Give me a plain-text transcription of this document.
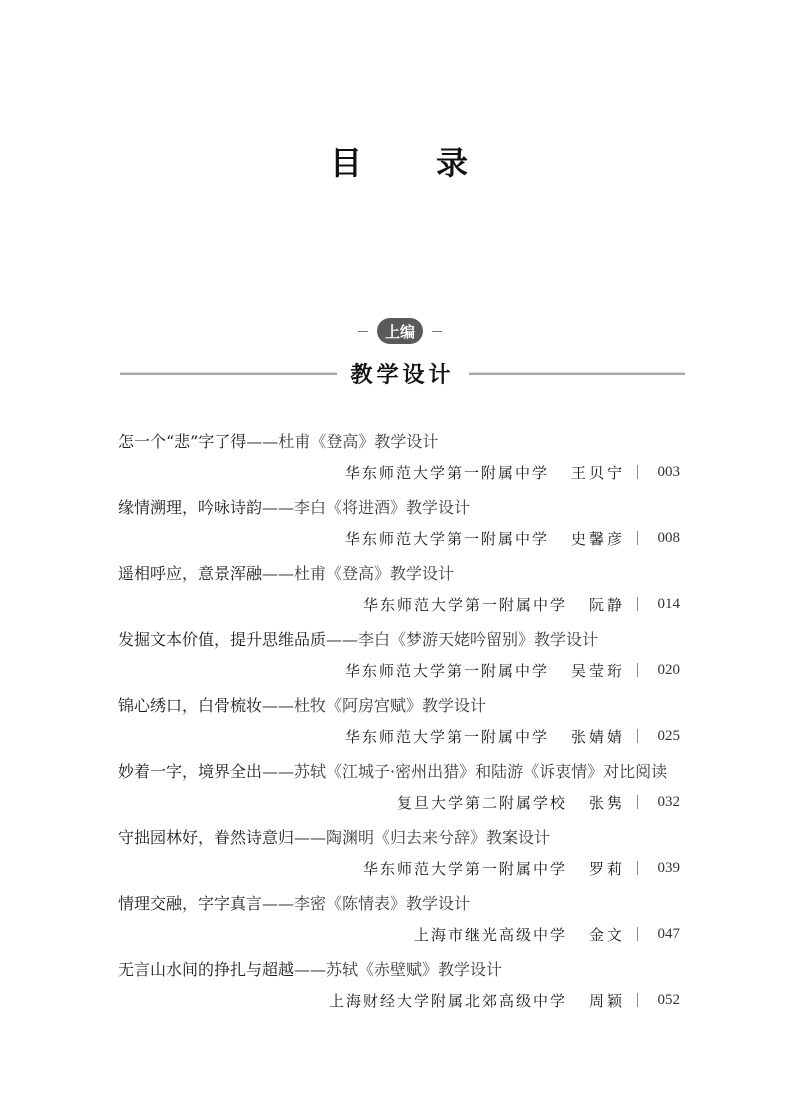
目 录
上编
教学设计
怎一个“悲”字了得——杜甫《登高》教学设计
华东师范大学第一附属中学 王贝宁	003
缘情溯理，吟咏诗韵——李白《将进酒》教学设计
华东师范大学第一附属中学 史馨彦	008
遥相呼应，意景浑融——杜甫《登高》教学设计
华东师范大学第一附属中学 阮静	014
发掘文本价值，提升思维品质——李白《梦游天姥吟留别》教学设计
华东师范大学第一附属中学 吴莹珩	020
锦心绣口，白骨梳妆——杜牧《阿房宫赋》教学设计
华东师范大学第一附属中学 张婧婧	025
妙着一字，境界全出——苏轼《江城子·密州出猎》和陆游《诉衷情》对比阅读
复旦大学第二附属学校 张隽	032
守拙园林好，眷然诗意归——陶渊明《归去来兮辞》教案设计
华东师范大学第一附属中学 罗莉	039
情理交融，字字真言——李密《陈情表》教学设计
上海市继光高级中学 金文	047
无言山水间的挣扎与超越——苏轼《赤壁赋》教学设计
上海财经大学附属北郊高级中学 周颖	052
